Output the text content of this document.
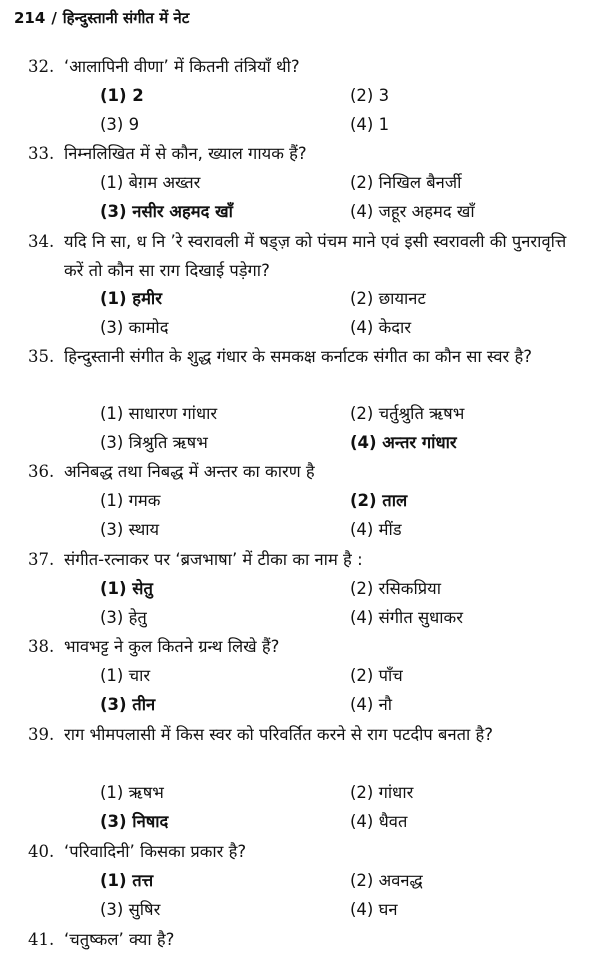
214 / हिन्दुस्तानी संगीत में नेट
32. ‘आलापिनी वीणा’ में कितनी तंत्रियाँ थी?
(1) 2	(2) 3
(3) 9	(4) 1
33. निम्नलिखित में से कौन, ख्याल गायक हैं?
(1) बेग़म अख्तर	(2) निखिल बैनर्जी
(3) नसीर अहमद खाँ	(4) जहूर अहमद खाँ
34. यदि नि सा, ध नि ’रे स्वरावली में षड्ज़ को पंचम माने एवं इसी स्वरावली की पुनरावृत्ति करें तो कौन सा राग दिखाई पड़ेगा?
(1) हमीर	(2) छायानट
(3) कामोद	(4) केदार
35. हिन्दुस्तानी संगीत के शुद्ध गंधार के समकक्ष कर्नाटक संगीत का कौन सा स्वर है?
(1) साधारण गांधार	(2) चर्तुश्रुति ऋषभ
(3) त्रिश्रुति ऋषभ	(4) अन्तर गांधार
36. अनिबद्ध तथा निबद्ध में अन्तर का कारण है
(1) गमक	(2) ताल
(3) स्थाय	(4) मींड
37. संगीत-रत्नाकर पर ‘ब्रजभाषा’ में टीका का नाम है :
(1) सेतु	(2) रसिकप्रिया
(3) हेतु	(4) संगीत सुधाकर
38. भावभट्ट ने कुल कितने ग्रन्थ लिखे हैं?
(1) चार	(2) पाँच
(3) तीन	(4) नौ
39. राग भीमपलासी में किस स्वर को परिवर्तित करने से राग पटदीप बनता है?
(1) ऋषभ	(2) गांधार
(3) निषाद	(4) धैवत
40. ‘परिवादिनी’ किसका प्रकार है?
(1) तत्त	(2) अवनद्ध
(3) सुषिर	(4) घन
41. ‘चतुष्कल’ क्या है?
